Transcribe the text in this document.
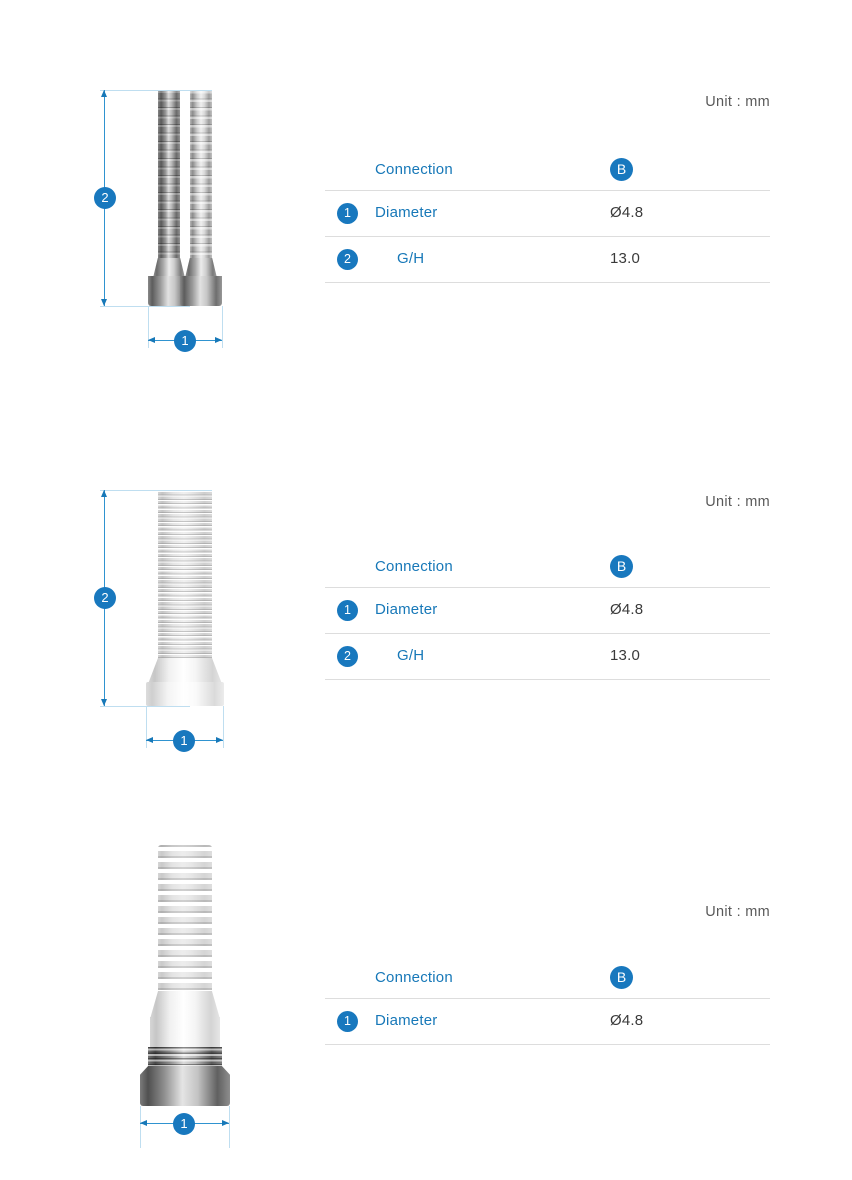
2
1
Unit : mm
	Connection	B
1	Diameter	Ø4.8
2	G/H	13.0
2
1
Unit : mm
	Connection	B
1	Diameter	Ø4.8
2	G/H	13.0
1
Unit : mm
	Connection	B
1	Diameter	Ø4.8
